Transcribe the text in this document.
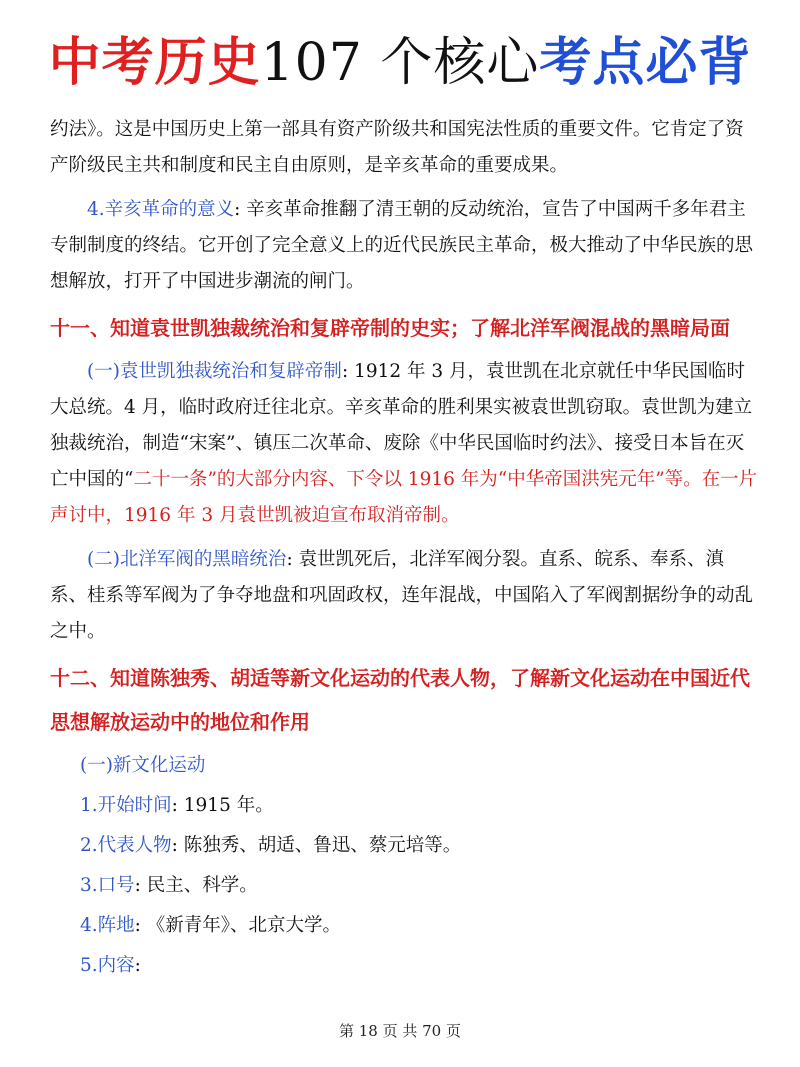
中考历史107 个核心考点必背

约法》。这是中国历史上第一部具有资产阶级共和国宪法性质的重要文件。它肯定了资产阶级民主共和制度和民主自由原则，是辛亥革命的重要成果。

4.辛亥革命的意义: 辛亥革命推翻了清王朝的反动统治，宣告了中国两千多年君主专制制度的终结。它开创了完全意义上的近代民族民主革命，极大推动了中华民族的思想解放，打开了中国进步潮流的闸门。

十一、知道袁世凯独裁统治和复辟帝制的史实；了解北洋军阀混战的黑暗局面

(一)袁世凯独裁统治和复辟帝制: 1912 年 3 月，袁世凯在北京就任中华民国临时大总统。4 月，临时政府迁往北京。辛亥革命的胜利果实被袁世凯窃取。袁世凯为建立独裁统治，制造“宋案”、镇压二次革命、废除《中华民国临时约法》、接受日本旨在灭亡中国的“二十一条”的大部分内容、下令以 1916 年为“中华帝国洪宪元年”等。在一片声讨中，1916 年 3 月袁世凯被迫宣布取消帝制。

(二)北洋军阀的黑暗统治: 袁世凯死后，北洋军阀分裂。直系、皖系、奉系、滇系、桂系等军阀为了争夺地盘和巩固政权，连年混战，中国陷入了军阀割据纷争的动乱之中。

十二、知道陈独秀、胡适等新文化运动的代表人物，了解新文化运动在中国近代思想解放运动中的地位和作用

(一)新文化运动

1.开始时间: 1915 年。

2.代表人物: 陈独秀、胡适、鲁迅、蔡元培等。

3.口号: 民主、科学。

4.阵地: 《新青年》、北京大学。

5.内容:

第 18 页 共 70 页
